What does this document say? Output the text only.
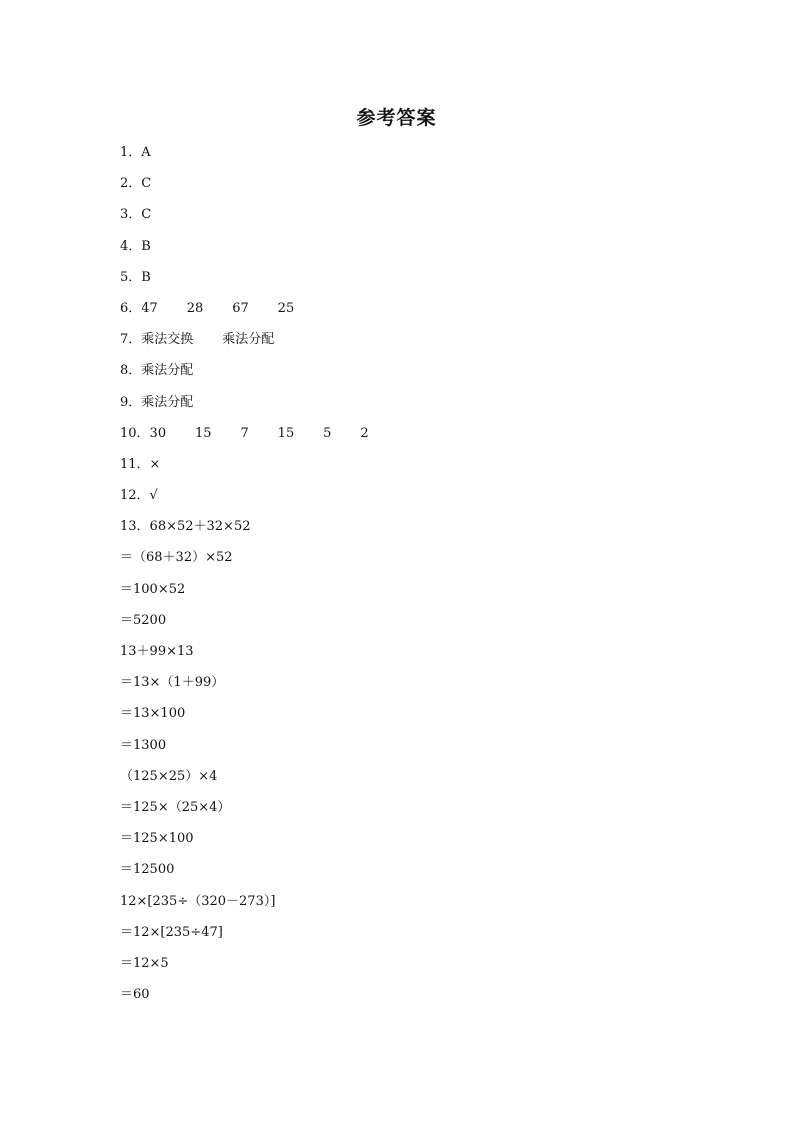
参考答案
1．A
2．C
3．C
4．B
5．B
6．47       28       67       25
7．乘法交换       乘法分配
8．乘法分配
9．乘法分配
10．30       15       7       15       5       2
11．×
12．√
13．68×52＋32×52
＝（68＋32）×52
＝100×52
＝5200
13＋99×13
＝13×（1＋99）
＝13×100
＝1300
（125×25）×4
＝125×（25×4）
＝125×100
＝12500
12×[235÷（320－273）]
＝12×[235÷47]
＝12×5
＝60
